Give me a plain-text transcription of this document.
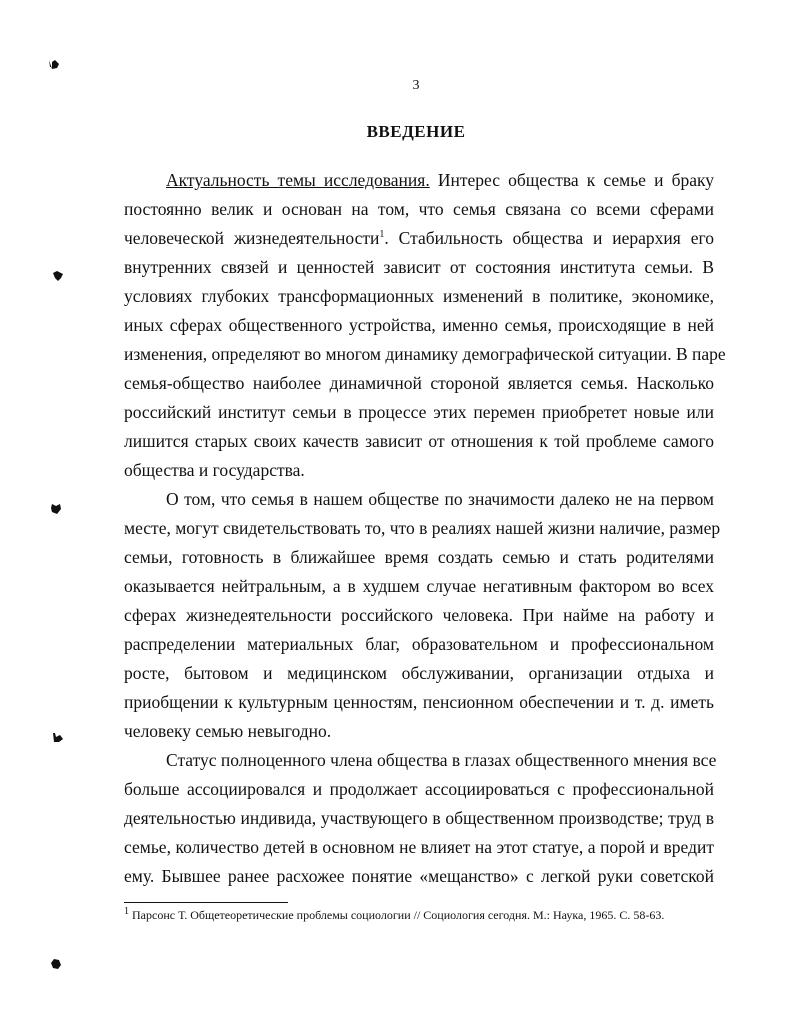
3
ВВЕДЕНИЕ
Актуальность темы исследования. Интерес общества к семье и браку
постоянно велик и основан на том, что семья связана со всеми сферами
человеческой жизнедеятельности$^1$. Стабильность общества и иерархия его
внутренних связей и ценностей зависит от состояния института семьи. В
условиях глубоких трансформационных изменений в политике, экономике,
иных сферах общественного устройства, именно семья, происходящие в ней
изменения, определяют во многом динамику демографической ситуации. В паре
семья-общество наиболее динамичной стороной является семья. Насколько
российский институт семьи в процессе этих перемен приобретет новые или
лишится старых своих качеств зависит от отношения к той проблеме самого
общества и государства.
О том, что семья в нашем обществе по значимости далеко не на первом
месте, могут свидетельствовать то, что в реалиях нашей жизни наличие, размер
семьи, готовность в ближайшее время создать семью и стать родителями
оказывается нейтральным, а в худшем случае негативным фактором во всех
сферах жизнедеятельности российского человека. При найме на работу и
распределении материальных благ, образовательном и профессиональном
росте, бытовом и медицинском обслуживании, организации отдыха и
приобщении к культурным ценностям, пенсионном обеспечении и т. д. иметь
человеку семью невыгодно.
Статус полноценного члена общества в глазах общественного мнения все
больше ассоциировался и продолжает ассоциироваться с профессиональной
деятельностью индивида, участвующего в общественном производстве; труд в
семье, количество детей в основном не влияет на этот статуе, а порой и вредит
ему. Бывшее ранее расхожее понятие «мещанство» с легкой руки советской
$^1$ Парсонс Т. Общетеоретические проблемы социологии // Социология сегодня. М.: Наука, 1965. С. 58-63.
